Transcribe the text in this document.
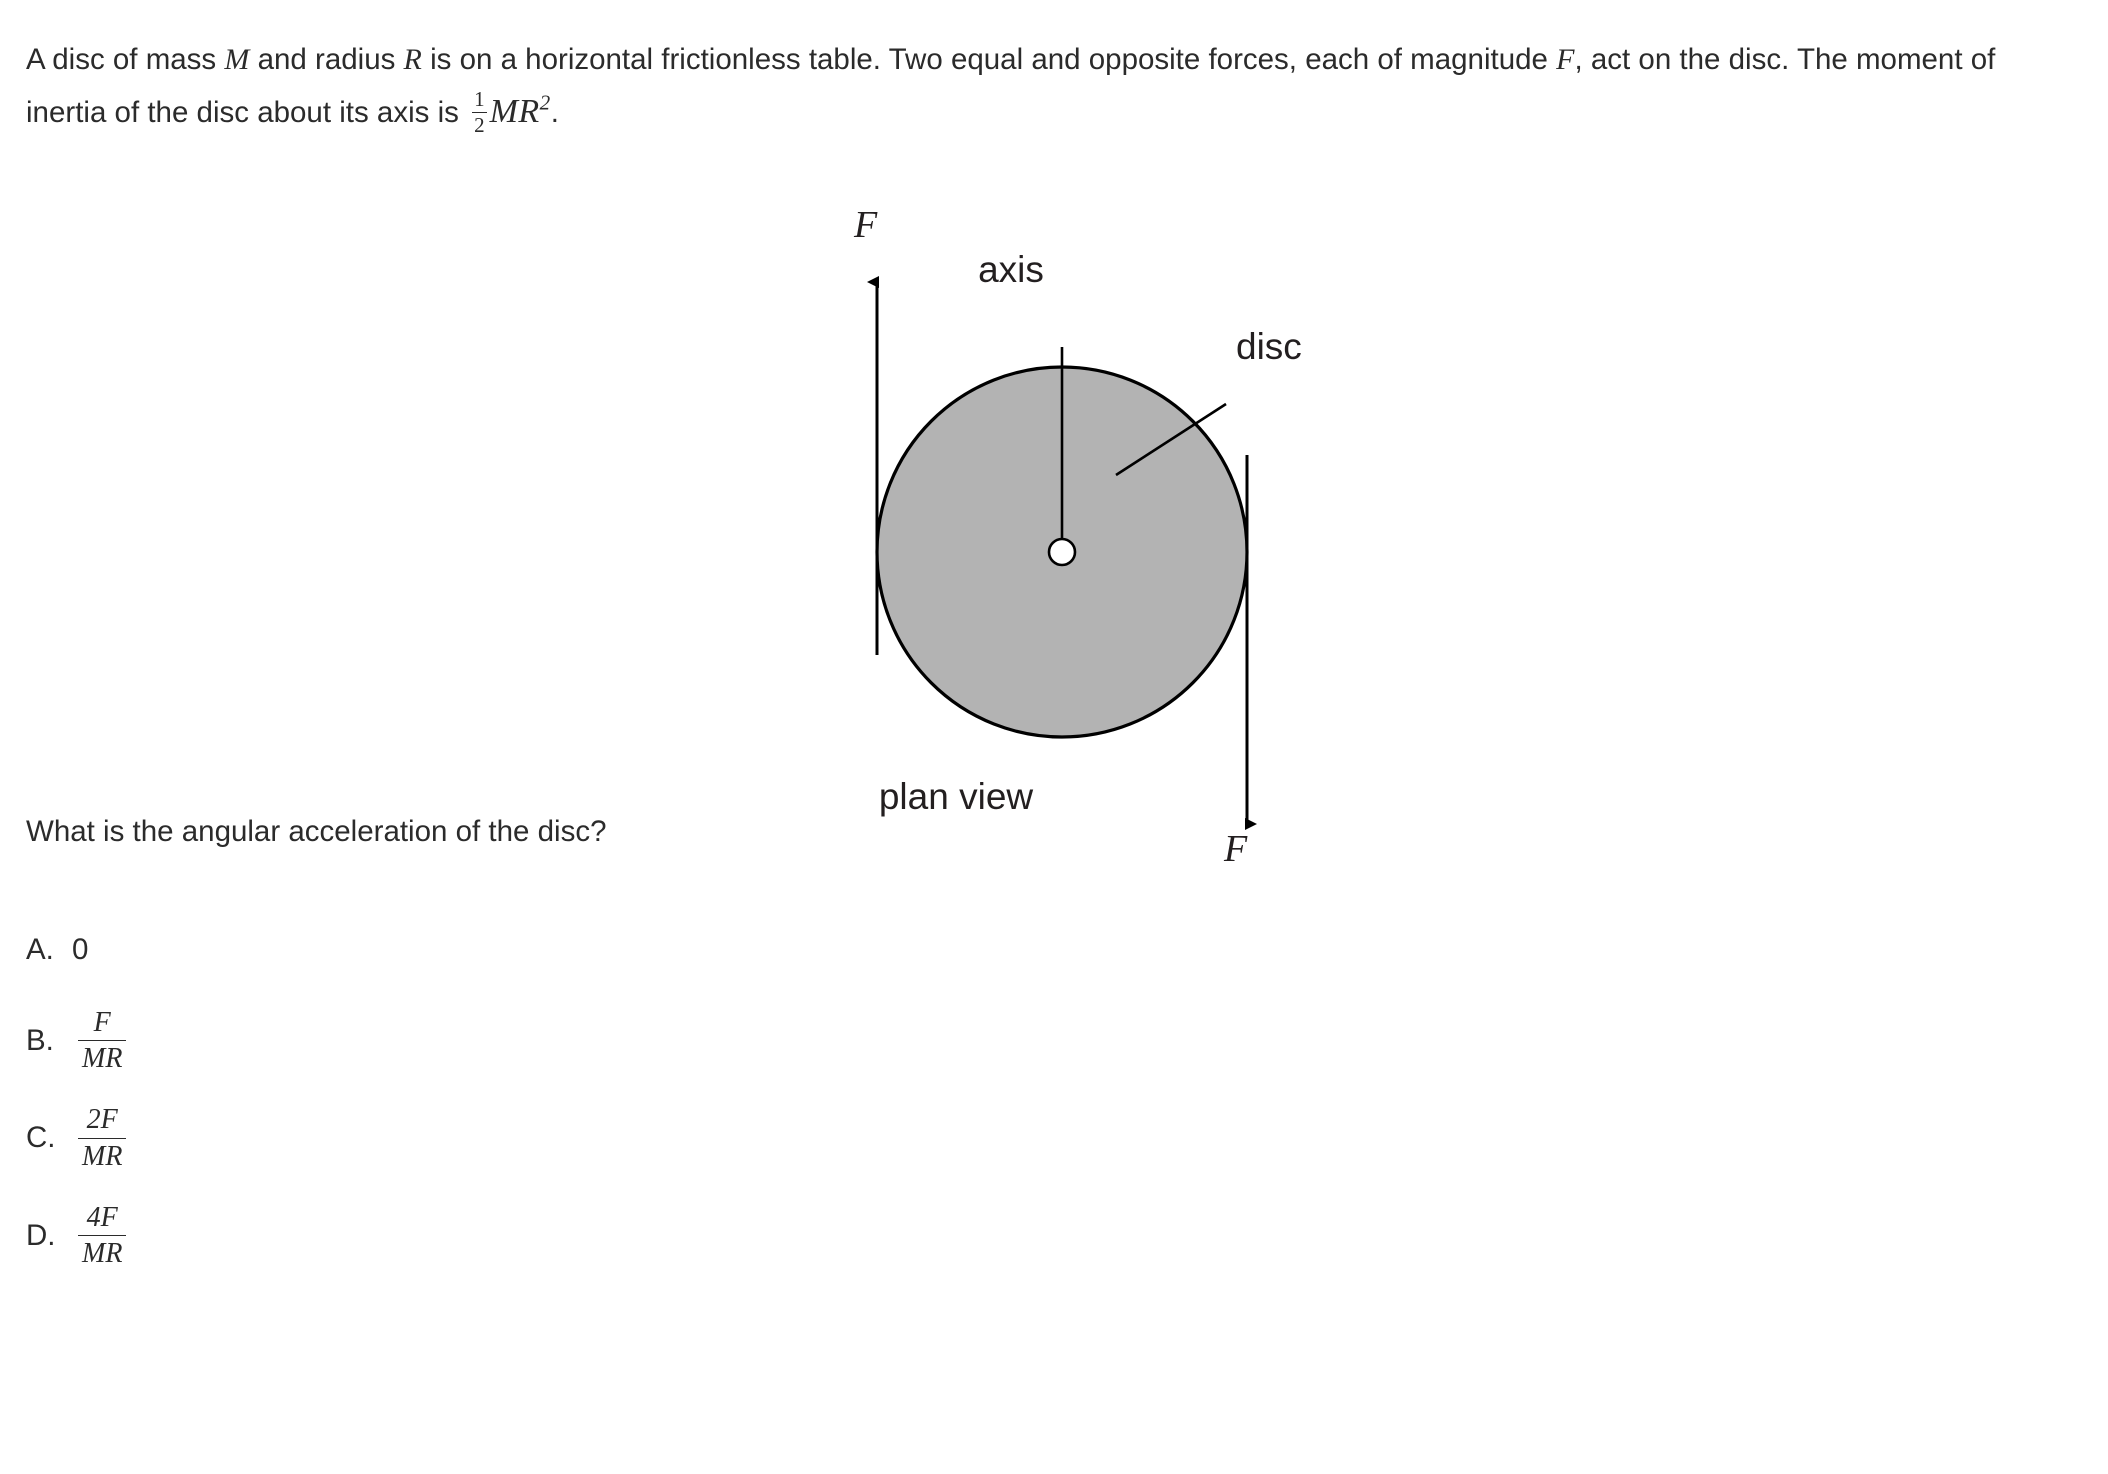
A disc of mass M and radius R is on a horizontal frictionless table. Two equal and opposite forces, each of magnitude F, act on the disc. The moment of inertia of the disc about its axis is $\frac{1}{2} MR^2$.

F
F
axis
disc
plan view

What is the angular acceleration of the disc?

A. 0
B. $\frac{F}{MR}$
C. $\frac{2F}{MR}$
D. $\frac{4F}{MR}$
